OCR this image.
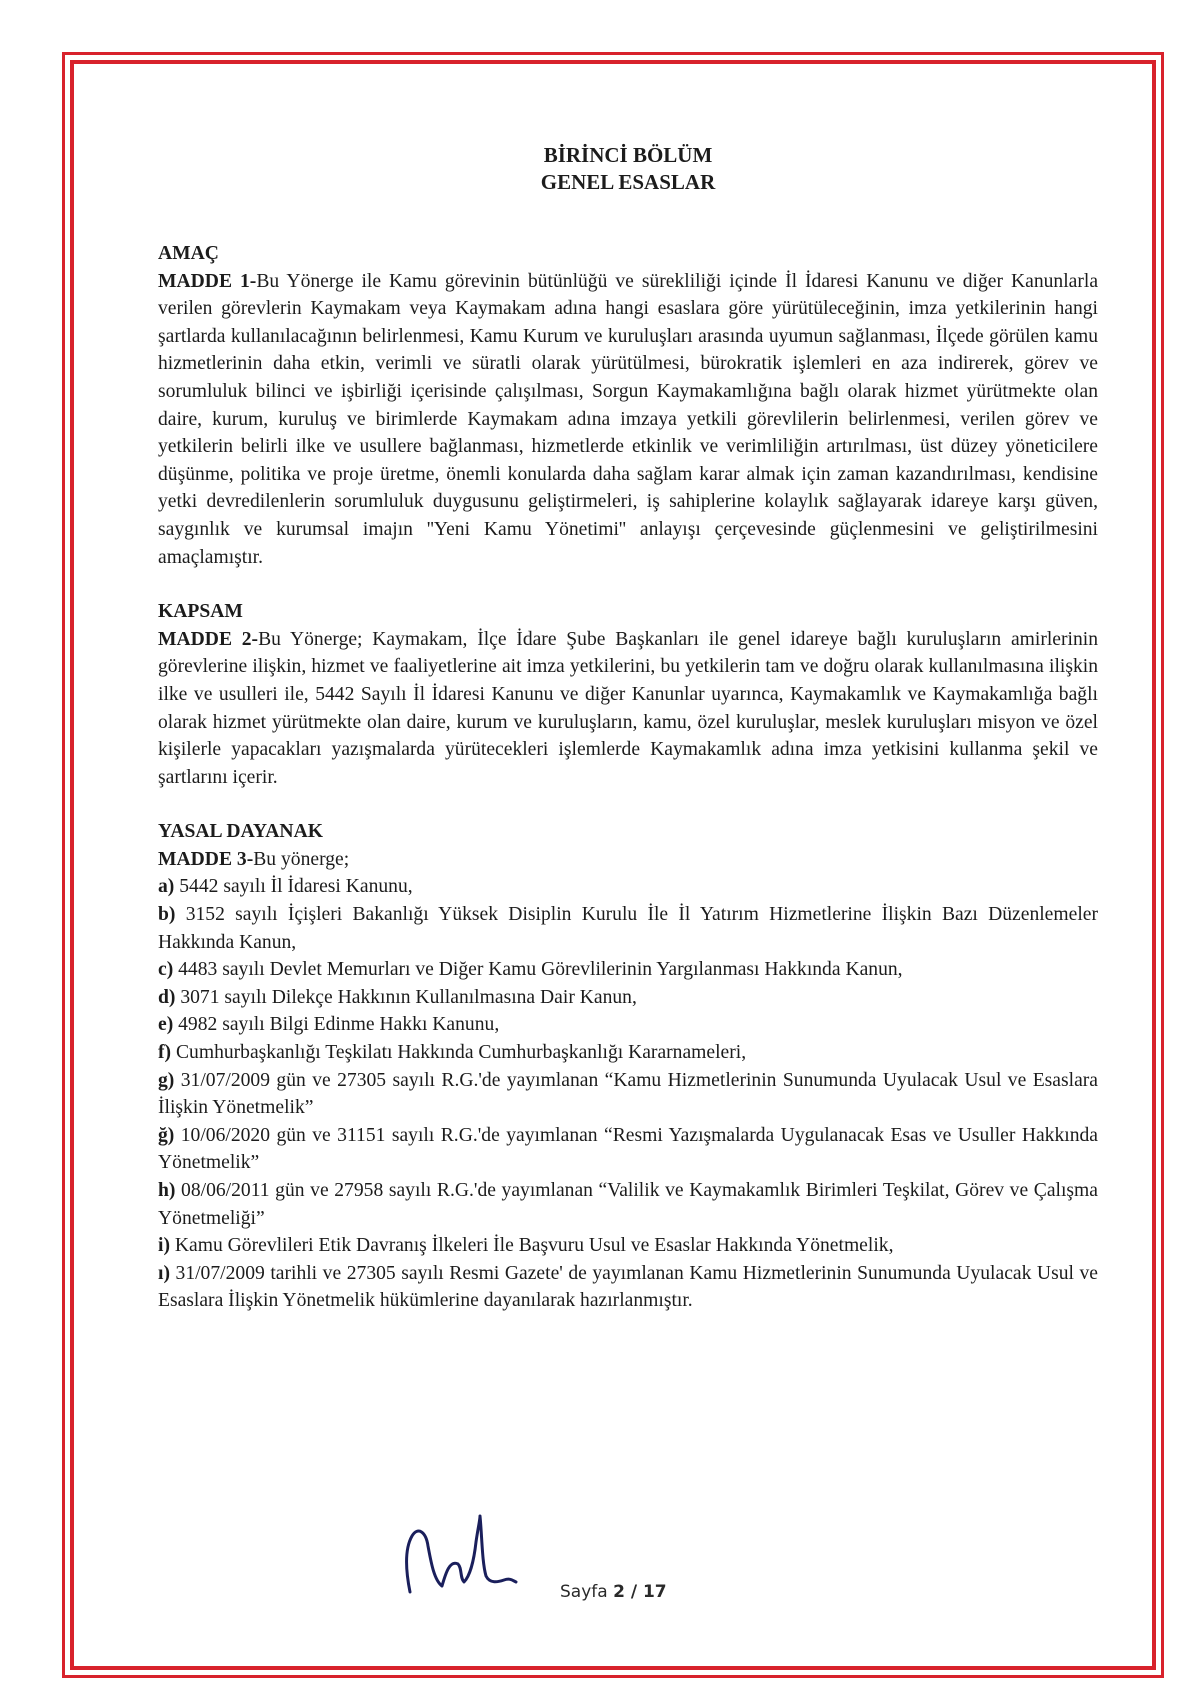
BİRİNCİ BÖLÜM

GENEL ESASLAR

AMAÇ

MADDE 1-Bu Yönerge ile Kamu görevinin bütünlüğü ve sürekliliği içinde İl İdaresi Kanunu ve diğer Kanunlarla verilen görevlerin Kaymakam veya Kaymakam adına hangi esaslara göre yürütüleceğinin, imza yetkilerinin hangi şartlarda kullanılacağının belirlenmesi, Kamu Kurum ve kuruluşları arasında uyumun sağlanması, İlçede görülen kamu hizmetlerinin daha etkin, verimli ve süratli olarak yürütülmesi, bürokratik işlemleri en aza indirerek, görev ve sorumluluk bilinci ve işbirliği içerisinde çalışılması, Sorgun Kaymakamlığına bağlı olarak hizmet yürütmekte olan daire, kurum, kuruluş ve birimlerde Kaymakam adına imzaya yetkili görevlilerin belirlenmesi, verilen görev ve yetkilerin belirli ilke ve usullere bağlanması, hizmetlerde etkinlik ve verimliliğin artırılması, üst düzey yöneticilere düşünme, politika ve proje üretme, önemli konularda daha sağlam karar almak için zaman kazandırılması, kendisine yetki devredilenlerin sorumluluk duygusunu geliştirmeleri, iş sahiplerine kolaylık sağlayarak idareye karşı güven, saygınlık ve kurumsal imajın ''Yeni Kamu Yönetimi'' anlayışı çerçevesinde güçlenmesini ve geliştirilmesini amaçlamıştır.

KAPSAM

MADDE 2-Bu Yönerge; Kaymakam, İlçe İdare Şube Başkanları ile genel idareye bağlı kuruluşların amirlerinin görevlerine ilişkin, hizmet ve faaliyetlerine ait imza yetkilerini, bu yetkilerin tam ve doğru olarak kullanılmasına ilişkin ilke ve usulleri ile, 5442 Sayılı İl İdaresi Kanunu ve diğer Kanunlar uyarınca, Kaymakamlık ve Kaymakamlığa bağlı olarak hizmet yürütmekte olan daire, kurum ve kuruluşların, kamu, özel kuruluşlar, meslek kuruluşları misyon ve özel kişilerle yapacakları yazışmalarda yürütecekleri işlemlerde Kaymakamlık adına imza yetkisini kullanma şekil ve şartlarını içerir.

YASAL DAYANAK

MADDE 3-Bu yönerge;

a) 5442 sayılı İl İdaresi Kanunu,

b) 3152 sayılı İçişleri Bakanlığı Yüksek Disiplin Kurulu İle İl Yatırım Hizmetlerine İlişkin Bazı Düzenlemeler Hakkında Kanun,

c) 4483 sayılı Devlet Memurları ve Diğer Kamu Görevlilerinin Yargılanması Hakkında Kanun,

d) 3071 sayılı Dilekçe Hakkının Kullanılmasına Dair Kanun,

e) 4982 sayılı Bilgi Edinme Hakkı Kanunu,

f) Cumhurbaşkanlığı Teşkilatı Hakkında Cumhurbaşkanlığı Kararnameleri,

g) 31/07/2009 gün ve 27305 sayılı R.G.'de yayımlanan “Kamu Hizmetlerinin Sunumunda Uyulacak Usul ve Esaslara İlişkin Yönetmelik”

ğ) 10/06/2020 gün ve 31151 sayılı R.G.'de yayımlanan “Resmi Yazışmalarda Uygulanacak Esas ve Usuller Hakkında Yönetmelik”

h) 08/06/2011 gün ve 27958 sayılı R.G.'de yayımlanan “Valilik ve Kaymakamlık Birimleri Teşkilat, Görev ve Çalışma Yönetmeliği”

i) Kamu Görevlileri Etik Davranış İlkeleri İle Başvuru Usul ve Esaslar Hakkında Yönetmelik,

ı) 31/07/2009 tarihli ve 27305 sayılı Resmi Gazete' de yayımlanan Kamu Hizmetlerinin Sunumunda Uyulacak Usul ve Esaslara İlişkin Yönetmelik hükümlerine dayanılarak hazırlanmıştır.

Sayfa 2 / 17
